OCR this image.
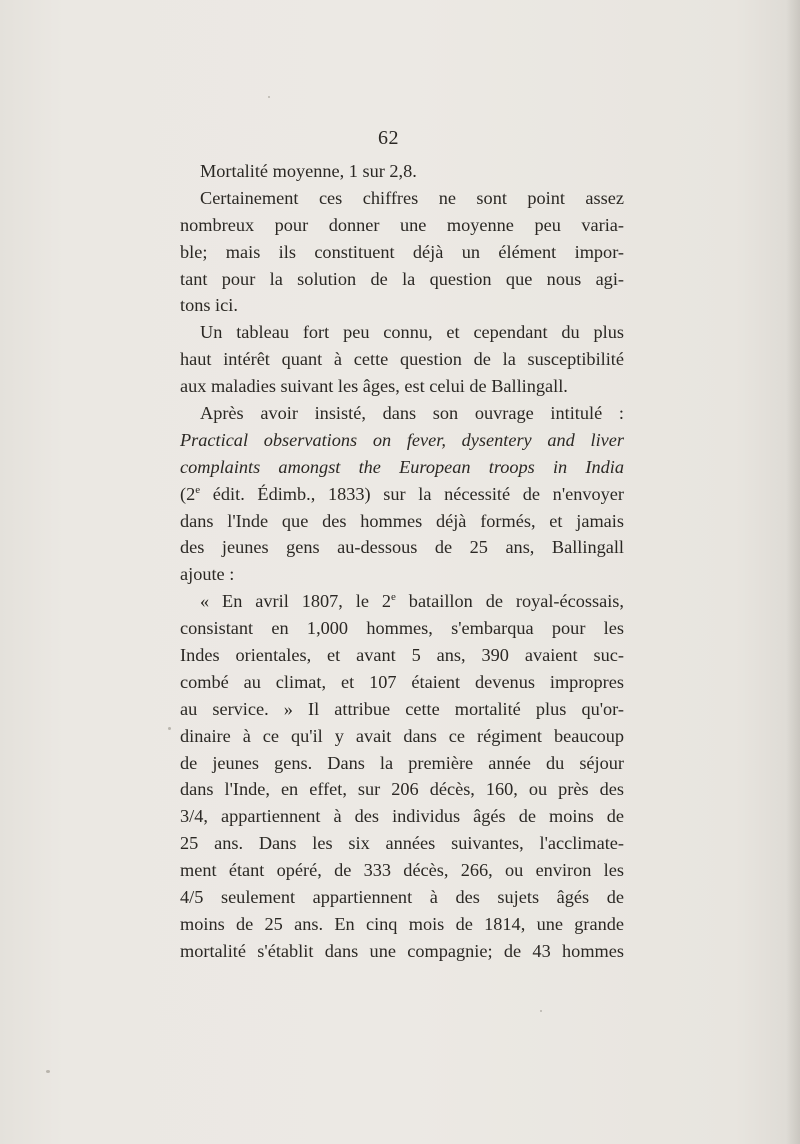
62
Mortalité moyenne, 1 sur 2,8.
Certainement ces chiffres ne sont point assez
nombreux pour donner une moyenne peu varia-
ble; mais ils constituent déjà un élément impor-
tant pour la solution de la question que nous agi-
tons ici.
Un tableau fort peu connu, et cependant du plus
haut intérêt quant à cette question de la susceptibilité
aux maladies suivant les âges, est celui de Ballingall.
Après avoir insisté, dans son ouvrage intitulé :
Practical observations on fever, dysentery and liver
complaints amongst the European troops in India
(2e édit. Édimb., 1833) sur la nécessité de n'envoyer
dans l'Inde que des hommes déjà formés, et jamais
des jeunes gens au-dessous de 25 ans, Ballingall
ajoute :
« En avril 1807, le 2e bataillon de royal-écossais,
consistant en 1,000 hommes, s'embarqua pour les
Indes orientales, et avant 5 ans, 390 avaient suc-
combé au climat, et 107 étaient devenus impropres
au service. » Il attribue cette mortalité plus qu'or-
dinaire à ce qu'il y avait dans ce régiment beaucoup
de jeunes gens. Dans la première année du séjour
dans l'Inde, en effet, sur 206 décès, 160, ou près des
3/4, appartiennent à des individus âgés de moins de
25 ans. Dans les six années suivantes, l'acclimate-
ment étant opéré, de 333 décès, 266, ou environ les
4/5 seulement appartiennent à des sujets âgés de
moins de 25 ans. En cinq mois de 1814, une grande
mortalité s'établit dans une compagnie; de 43 hommes
